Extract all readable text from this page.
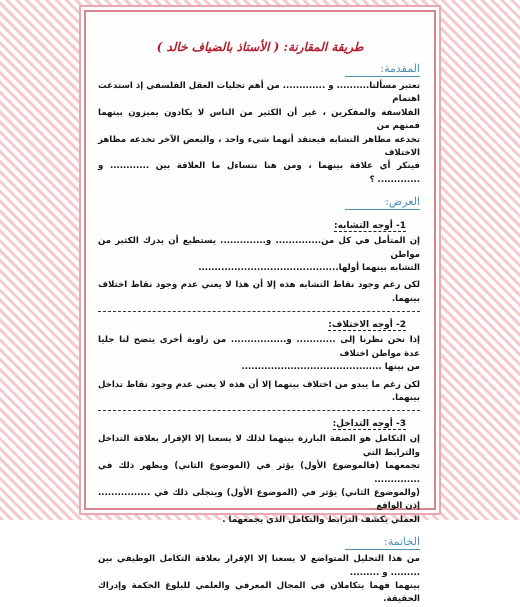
طريقة المقارنة: ( الأستاذ بالضياف خالد )
المقدمة:
تعتبر مسألتا.......... و ............. من أهم تجليات العقل الفلسفي إذ استدعت اهتمام
الفلاسفة والمفكرين ، غير أن الكثير من الناس لا يكادون يميزون بينهما فمنهم من
تخدعه مظاهر التشابه فيعتقد أنهما شيء واحد ، والبعض الآخر تخدعه مظاهر الاختلاف
فينكر أي علاقة بينهما ، ومن هنا نتساءل ما العلاقة بين ............ و ............. ؟
العرض:
1- أوجه التشابه:
إن المتأمل في كل من.............. و.............. يستطيع أن يدرك الكثير من مواطن
التشابه بينهما أولها...........................................
لكن رغم وجود نقاط التشابه هذه إلا أن هذا لا يعني عدم وجود نقاط اختلاف بينهما.
2- أوجه الاختلاف:
إذا نحن نظرنا إلى ............ و................. من زاوية أخرى يتضح لنا جليا عدة مواطن اختلاف
من بينها ...........................................
لكن رغم ما يبدو من اختلاف بينهما إلا أن هذه لا يعني عدم وجود نقاط تداخل بينهما.
3- أوجه التداخل:
إن التكامل هو الصفة البارزة بينهما لذلك لا يسعنا إلا الإقرار بعلاقة التداخل والترابط التي
تجمعهما (فالموضوع الأول) يؤثر في (الموضوع الثاني) ويظهر ذلك في ..............
(والموضوع الثاني) يؤثر في (الموضوع الأول) ويتجلى ذلك في ................ إذن الواقع
العملي يكشف الترابط والتكامل الذي يجمعهما .
الخاتمة:
من هذا التحليل المتواضع لا يسعنا إلا الإقرار بعلاقة التكامل الوظيفي بين ......... و .........
بينهما فهما يتكاملان في المجال المعرفي والعلمي للبلوغ الحكمة وإدراك الحقيقة.
